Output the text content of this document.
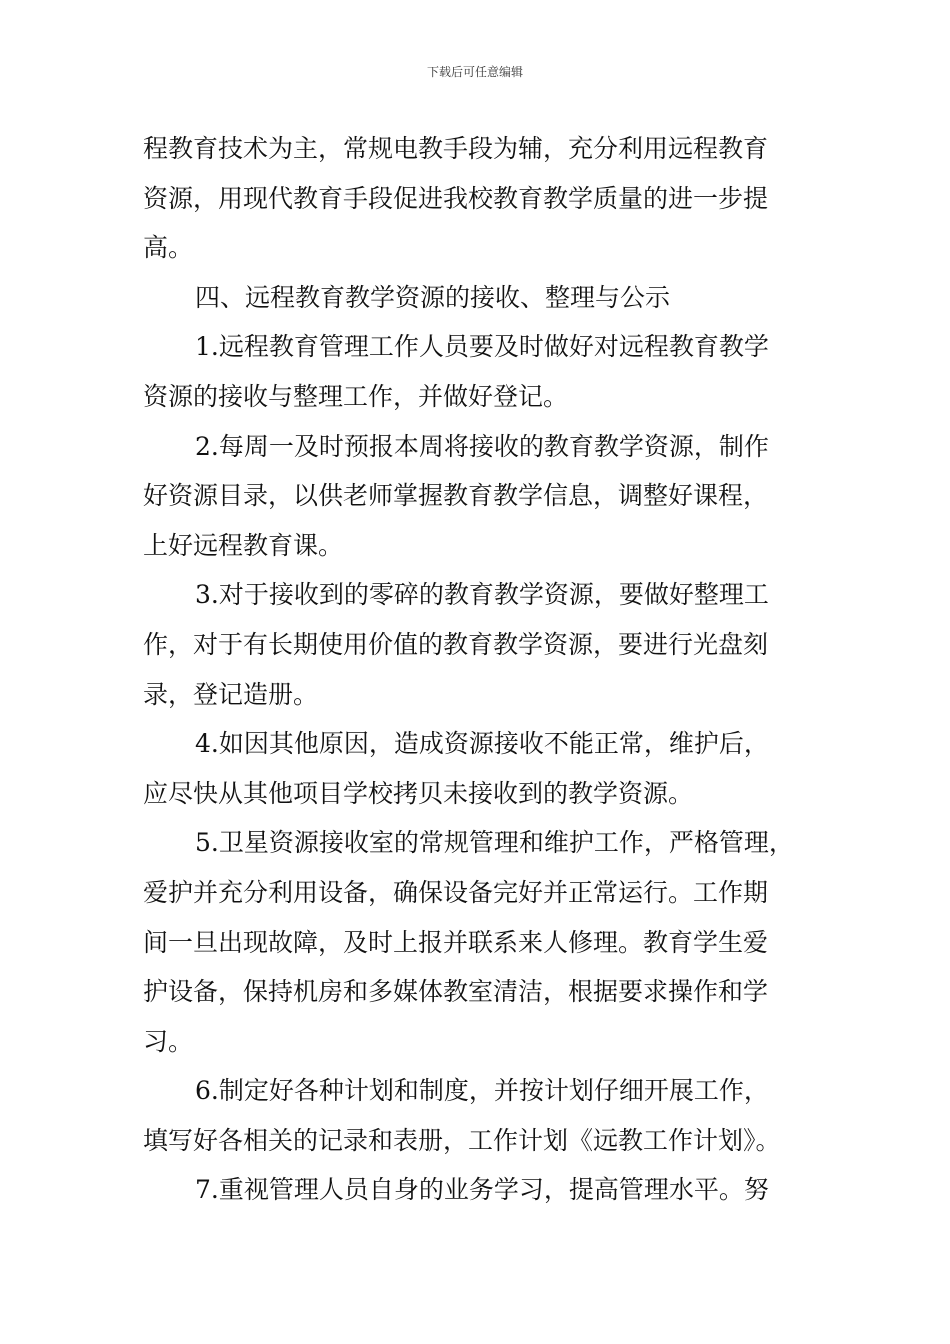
下载后可任意编辑
程教育技术为主，常规电教手段为辅，充分利用远程教育
资源，用现代教育手段促进我校教育教学质量的进一步提
高。
四、远程教育教学资源的接收、整理与公示
1.远程教育管理工作人员要及时做好对远程教育教学
资源的接收与整理工作，并做好登记。
2.每周一及时预报本周将接收的教育教学资源，制作
好资源目录，以供老师掌握教育教学信息，调整好课程，
上好远程教育课。
3.对于接收到的零碎的教育教学资源，要做好整理工
作，对于有长期使用价值的教育教学资源，要进行光盘刻
录，登记造册。
4.如因其他原因，造成资源接收不能正常，维护后，
应尽快从其他项目学校拷贝未接收到的教学资源。
5.卫星资源接收室的常规管理和维护工作，严格管理，
爱护并充分利用设备，确保设备完好并正常运行。工作期
间一旦出现故障，及时上报并联系来人修理。教育学生爱
护设备，保持机房和多媒体教室清洁，根据要求操作和学
习。
6.制定好各种计划和制度，并按计划仔细开展工作，
填写好各相关的记录和表册，工作计划《远教工作计划》。
7.重视管理人员自身的业务学习，提高管理水平。努
